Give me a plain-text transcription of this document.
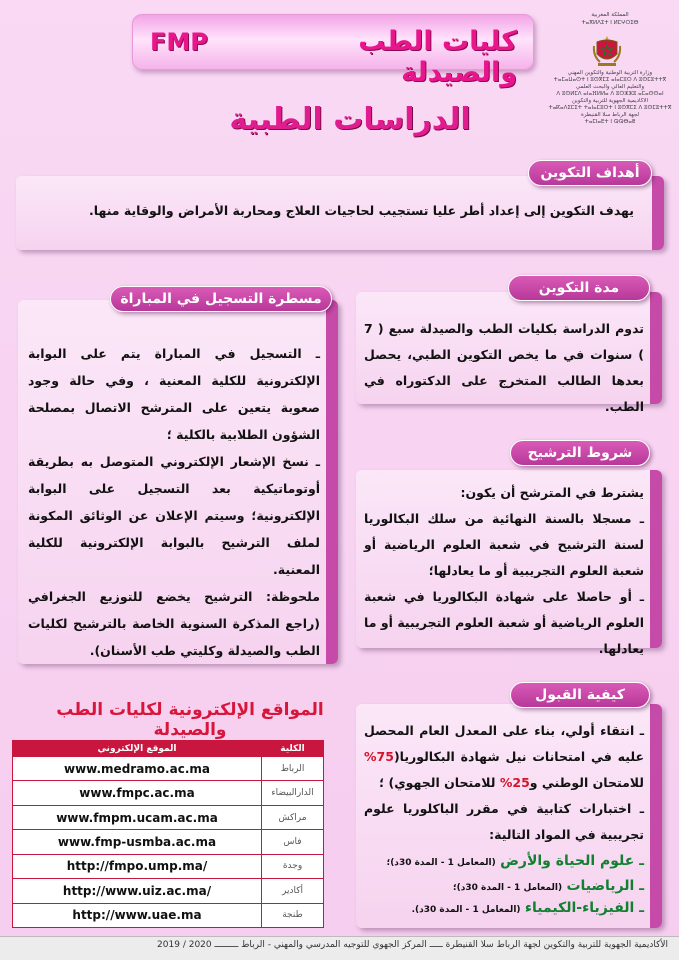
كليات الطب والصيدلة
FMP
الدراسات الطبية
المملكة المغربية
ⵜⴰⴳⵍⴷⵉⵜ ⵏ ⵍⵎⵖⵔⵉⴱ
وزارة التربية الوطنية والتكوين المهني
ⵜⴰⵎⴰⵡⴰⵙⵜ ⵏ ⵓⵙⴳⵎⵉ ⴰⵏⴰⵎⵓⵔ ⴷ ⵓⵙⵎⵓⵜⵜⴳ
والتعليم العالي والبحث العلمي
ⴷ ⵓⵙⵍⵎⴷ ⴰⵏⴰⴼⵍⵍⴰ ⴷ ⵓⵔⵣⵣⵓ ⴰⵎⴰⵙⵙⴰⵏ
الأكاديمية الجهوية للتربية والتكوين
ⵜⴰⴽⴰⴷⵉⵎⵉⵜ ⵜⴰⵏⴰⵎⵓⵔⵜ ⵏ ⵓⵙⴳⵎⵉ ⴷ ⵓⵙⵎⵓⵜⵜⴳ
لجهة الرباط سلا القنيطرة
ⵜⴰⵎⵏⴰⴹⵜ ⵏ ⵕⵕⴱⴰⵟ
أهداف التكوين
يهدف التكوين إلى إعداد أطر عليا تستجيب لحاجيات العلاج ومحاربة الأمراض والوقاية منها.
مدة التكوين
تدوم الدراسة بكليات الطب والصيدلة سبع ( 7 ) سنوات في ما يخص التكوين الطبي، يحصل بعدها الطالب المتخرج على الدكتوراه في الطب.
مسطرة التسجيل في المباراة

ـ التسجيل في المباراة يتم على البوابة الإلكترونية للكلية المعنية ، وفي حالة وجود صعوبة يتعين على المترشح الاتصال بمصلحة الشؤون الطلابية بالكلية ؛

ـ نسخ الإشعار الإلكتروني المتوصل به بطريقة أوتوماتيكية بعد التسجيل على البوابة الإلكترونية؛ وسيتم الإعلان عن الوثائق المكونة لملف الترشيح بالبوابة الإلكترونية للكلية المعنية.

ملحوظة: الترشيح يخضع للتوزيع الجغرافي (راجع المذكرة السنوية الخاصة بالترشيح لكليات الطب والصيدلة وكليتي طب الأسنان).

شروط الترشيح

يشترط في المترشح أن يكون:

ـ مسجلا بالسنة النهائية من سلك البكالوريا لسنة الترشيح في شعبة العلوم الرياضية أو شعبة العلوم التجريبية أو ما يعادلها؛

ـ أو حاصلا على شهادة البكالوريا في شعبة العلوم الرياضية أو شعبة العلوم التجريبية أو ما يعادلها.

كيفية القبول

ـ انتقاء أولي، بناء على المعدل العام المحصل عليه في امتحانات نيل شهادة البكالوريا(75% للامتحان الوطني و25% للامتحان الجهوي) ؛

ـ اختبارات كتابية في مقرر الباكلوريا علوم تجريبية في المواد التالية:

ـ علوم الحياة والأرض (المعامل 1 - المدة 30د)؛

ـ الرياضيات (المعامل 1 - المدة 30د)؛

ـ الفيزياء-الكيمياء (المعامل 1 - المدة 30د).

المواقع الإلكترونية لكليات الطب والصيدلة
الموقع الإلكتروني	الكلية
www.medramo.ac.ma	الرباط
www.fmpc.ac.ma	الدارالبيضاء
www.fmpm.ucam.ac.ma	مراكش
www.fmp-usmba.ac.ma	فاس
http://fmpo.ump.ma/	وجدة
http://www.uiz.ac.ma/	أكادير
http://www.uae.ma	طنجة
الأكاديمية الجهوية للتربية والتكوين لجهة الرباط سلا القنيطرة ـــــ المركز الجهوي للتوجيه المدرسي والمهني - الرباط ـــــــــ 2020 / 2019
